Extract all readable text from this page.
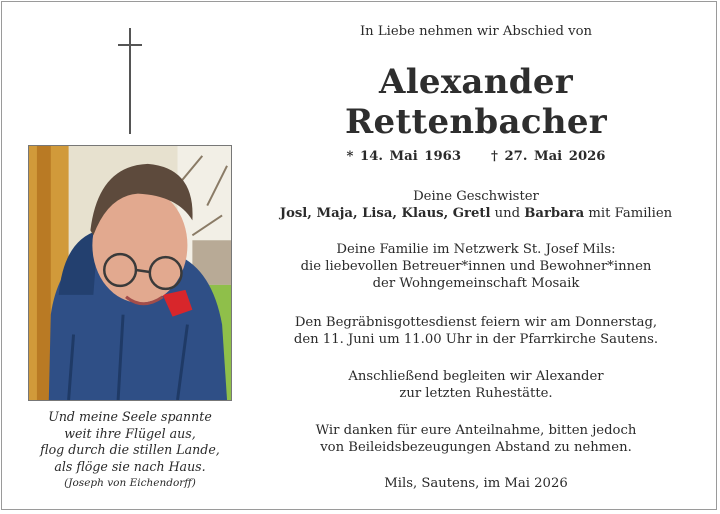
Und meine Seele spannte
weit ihre Flügel aus,
flog durch die stillen Lande,
als flöge sie nach Haus.
(Joseph von Eichendorff)
In Liebe nehmen wir Abschied von
Alexander
Rettenbacher
* 14. Mai 1963 † 27. Mai 2026
Deine Geschwister
Josl, Maja, Lisa, Klaus, Gretl und Barbara mit Familien
Deine Familie im Netzwerk St. Josef Mils:
die liebevollen Betreuer*innen und Bewohner*innen
der Wohngemeinschaft Mosaik
Den Begräbnisgottesdienst feiern wir am Donnerstag,
den 11. Juni um 11.00 Uhr in der Pfarrkirche Sautens.
Anschließend begleiten wir Alexander
zur letzten Ruhestätte.
Wir danken für eure Anteilnahme, bitten jedoch
von Beileidsbezeugungen Abstand zu nehmen.
Mils, Sautens, im Mai 2026
